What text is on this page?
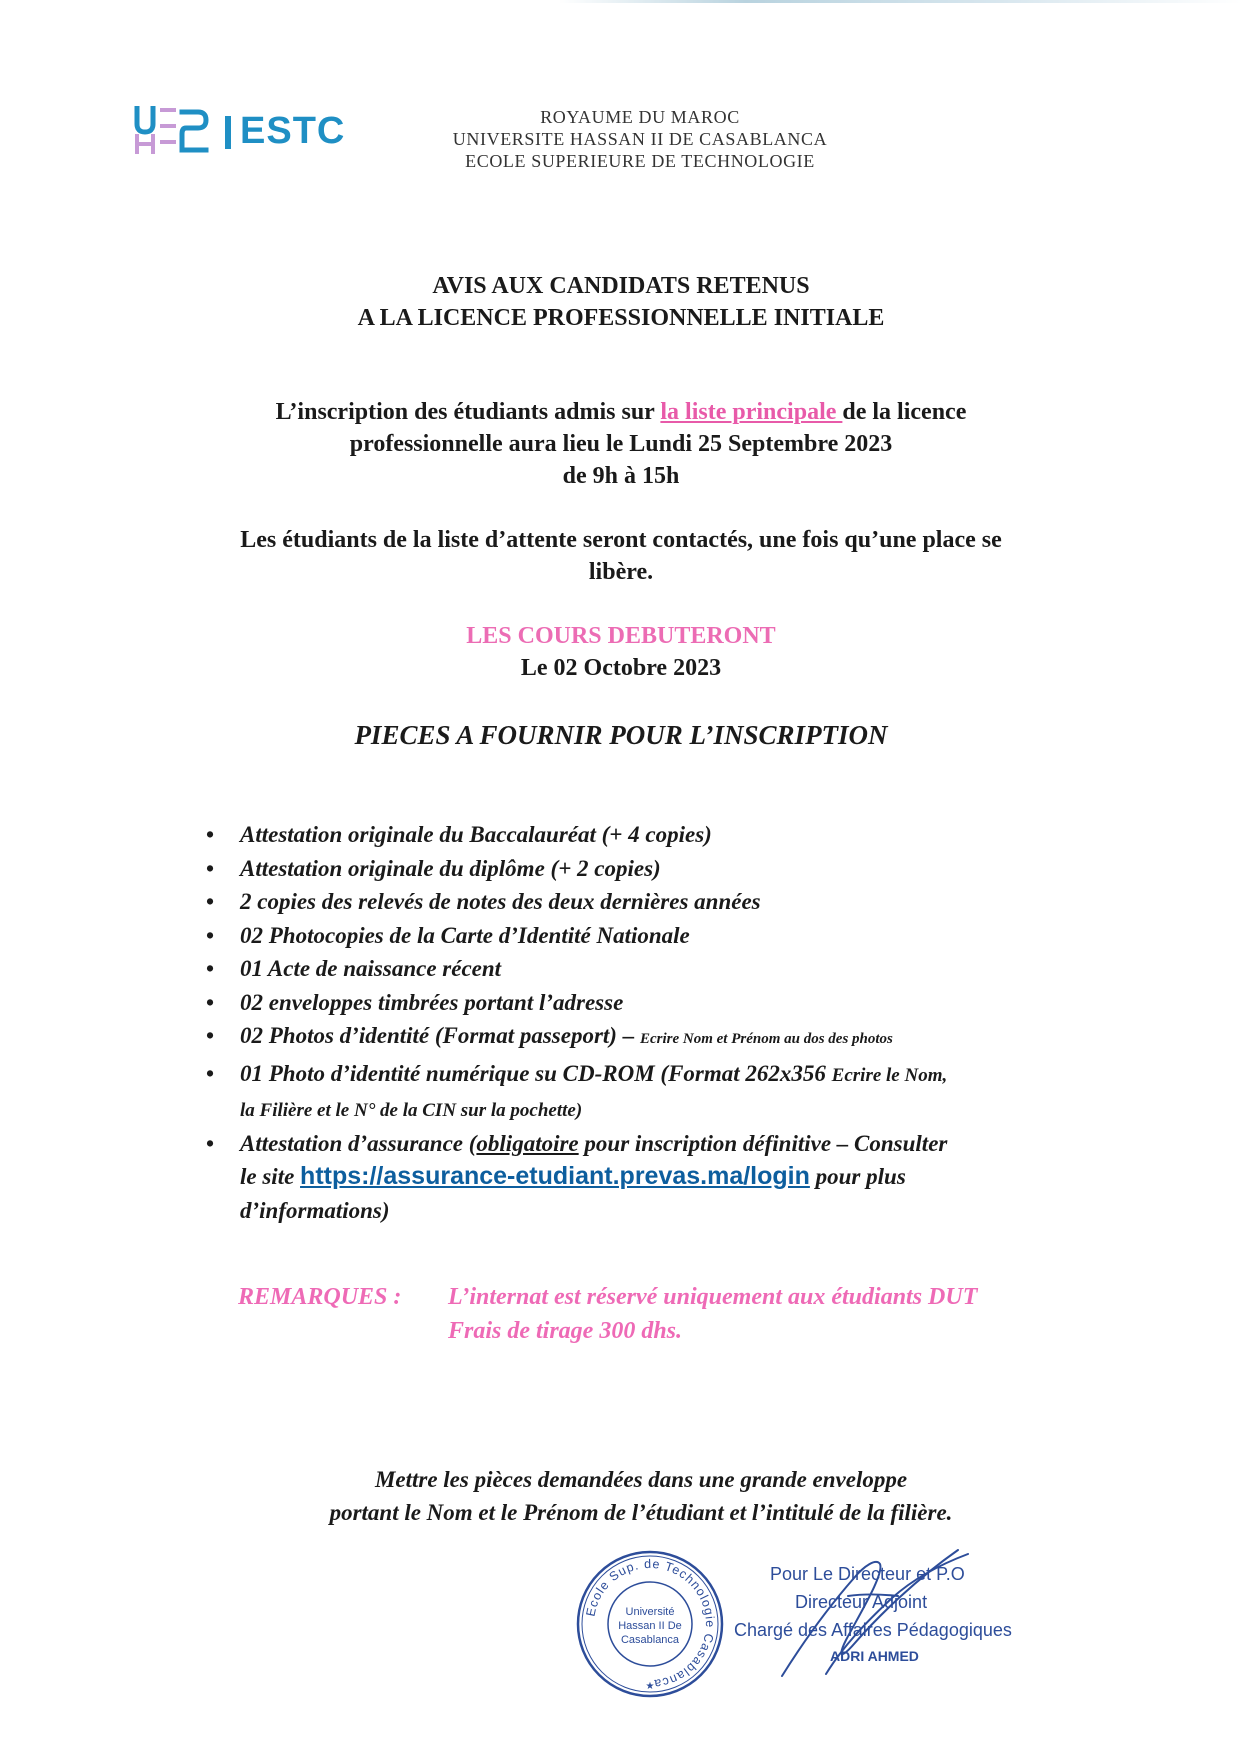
ESTC	ROYAUME DU MAROC
UNIVERSITE HASSAN II DE CASABLANCA
ECOLE SUPERIEURE DE TECHNOLOGIE
AVIS AUX CANDIDATS RETENUS
A LA LICENCE PROFESSIONNELLE INITIALE
L’inscription des étudiants admis sur la liste principale de la licence
professionnelle aura lieu le Lundi 25 Septembre 2023
de 9h à 15h
Les étudiants de la liste d’attente seront contactés, une fois qu’une place se
libère.
LES COURS DEBUTERONT
Le 02 Octobre 2023
PIECES A FOURNIR POUR L’INSCRIPTION
• Attestation originale du Baccalauréat (+ 4 copies)
• Attestation originale du diplôme (+ 2 copies)
• 2 copies des relevés de notes des deux dernières années
• 02 Photocopies de la Carte d’Identité Nationale
• 01 Acte de naissance récent
• 02 enveloppes timbrées portant l’adresse
• 02 Photos d’identité (Format passeport) – Ecrire Nom et Prénom au dos des photos
• 01 Photo d’identité numérique su CD-ROM (Format 262x356 Ecrire le Nom,
la Filière et le N° de la CIN sur la pochette)
• Attestation d’assurance (obligatoire pour inscription définitive – Consulter
le site https://assurance-etudiant.prevas.ma/login pour plus
d’informations)
REMARQUES : L’internat est réservé uniquement aux étudiants DUT
Frais de tirage 300 dhs.
Mettre les pièces demandées dans une grande enveloppe
portant le Nom et le Prénom de l’étudiant et l’intitulé de la filière.
Ecole Sup. de Technologie Casablanca
Université
Hassan II De
Casablanca
★
Pour Le Directeur et P.O
Directeur Adjoint
Chargé des Affaires Pédagogiques
ADRI AHMED
